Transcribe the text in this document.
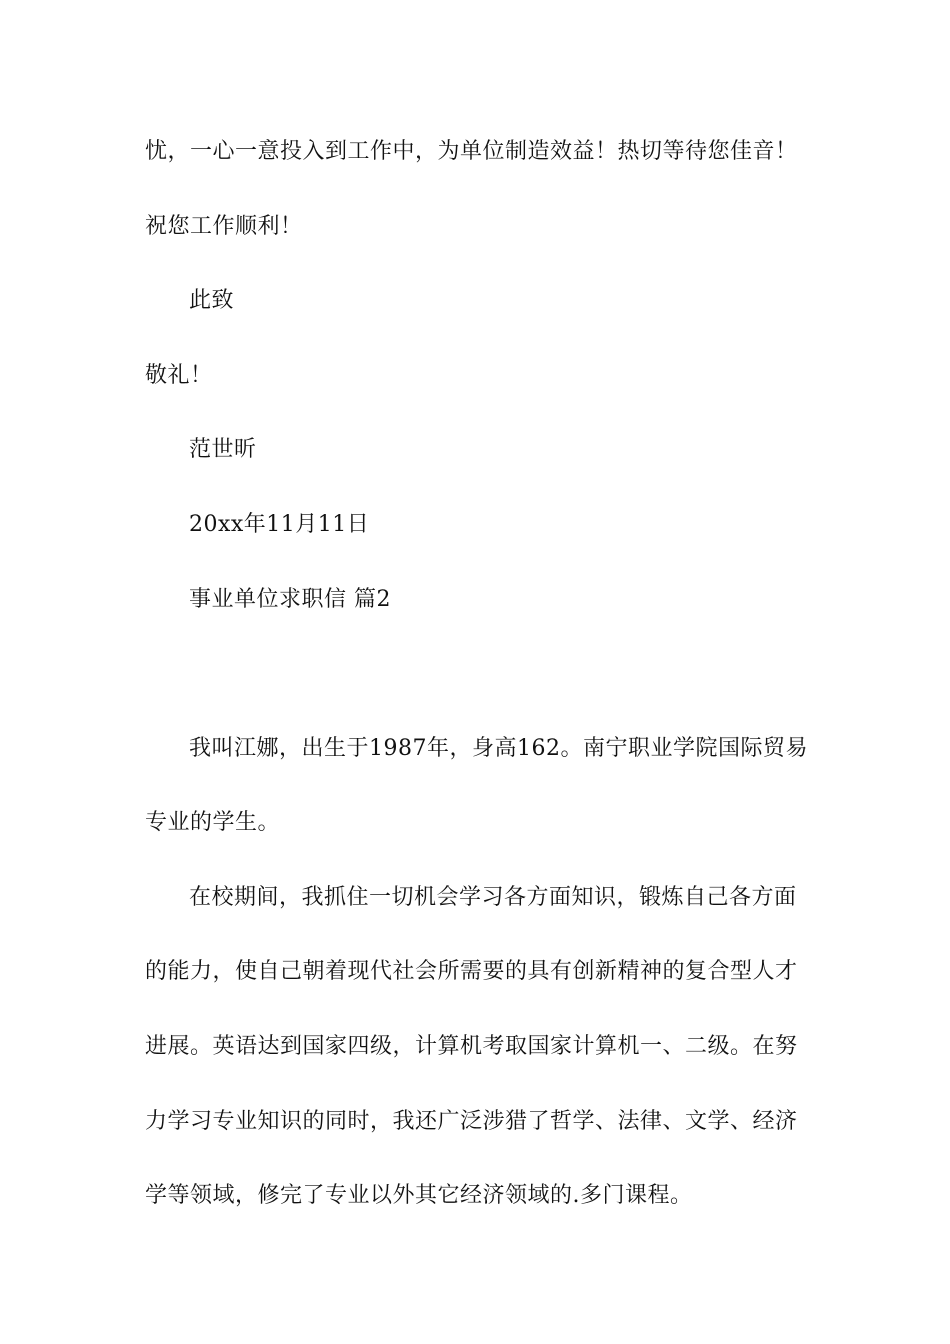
忧，一心一意投入到工作中，为单位制造效益！热切等待您佳音！
祝您工作顺利！
此致
敬礼！
范世昕
20xx年11月11日
事业单位求职信 篇2
我叫江娜，出生于1987年，身高162。南宁职业学院国际贸易
专业的学生。
在校期间，我抓住一切机会学习各方面知识，锻炼自己各方面
的能力，使自己朝着现代社会所需要的具有创新精神的复合型人才
进展。英语达到国家四级，计算机考取国家计算机一、二级。在努
力学习专业知识的同时，我还广泛涉猎了哲学、法律、文学、经济
学等领域，修完了专业以外其它经济领域的.多门课程。
